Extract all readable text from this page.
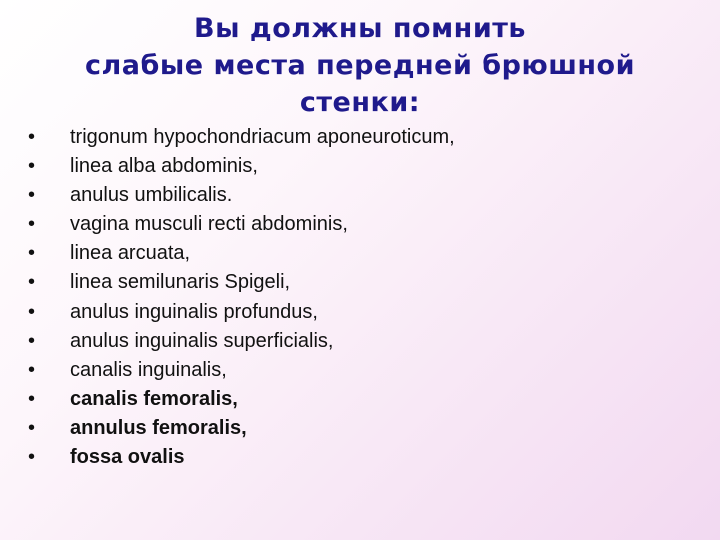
Вы должны помнить
слабые места передней брюшной
стенки:
• trigonum hypochondriacum aponeuroticum,
• linea alba abdominis,
• anulus umbilicalis.
• vagina musculi recti abdominis,
• linea arcuata,
• linea semilunaris Spigeli,
• anulus inguinalis profundus,
• anulus inguinalis superficialis,
• canalis inguinalis,
• canalis femoralis,
• annulus femoralis,
• fossa ovalis
